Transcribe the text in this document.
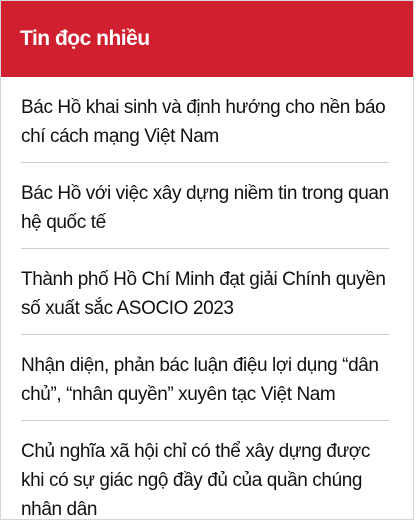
Tin đọc nhiều
Bác Hồ khai sinh và định hướng cho nền báo chí cách mạng Việt Nam
Bác Hồ với việc xây dựng niềm tin trong quan hệ quốc tế
Thành phố Hồ Chí Minh đạt giải Chính quyền số xuất sắc ASOCIO 2023
Nhận diện, phản bác luận điệu lợi dụng “dân chủ”, “nhân quyền” xuyên tạc Việt Nam
Chủ nghĩa xã hội chỉ có thể xây dựng được khi có sự giác ngộ đầy đủ của quần chúng nhân dân
